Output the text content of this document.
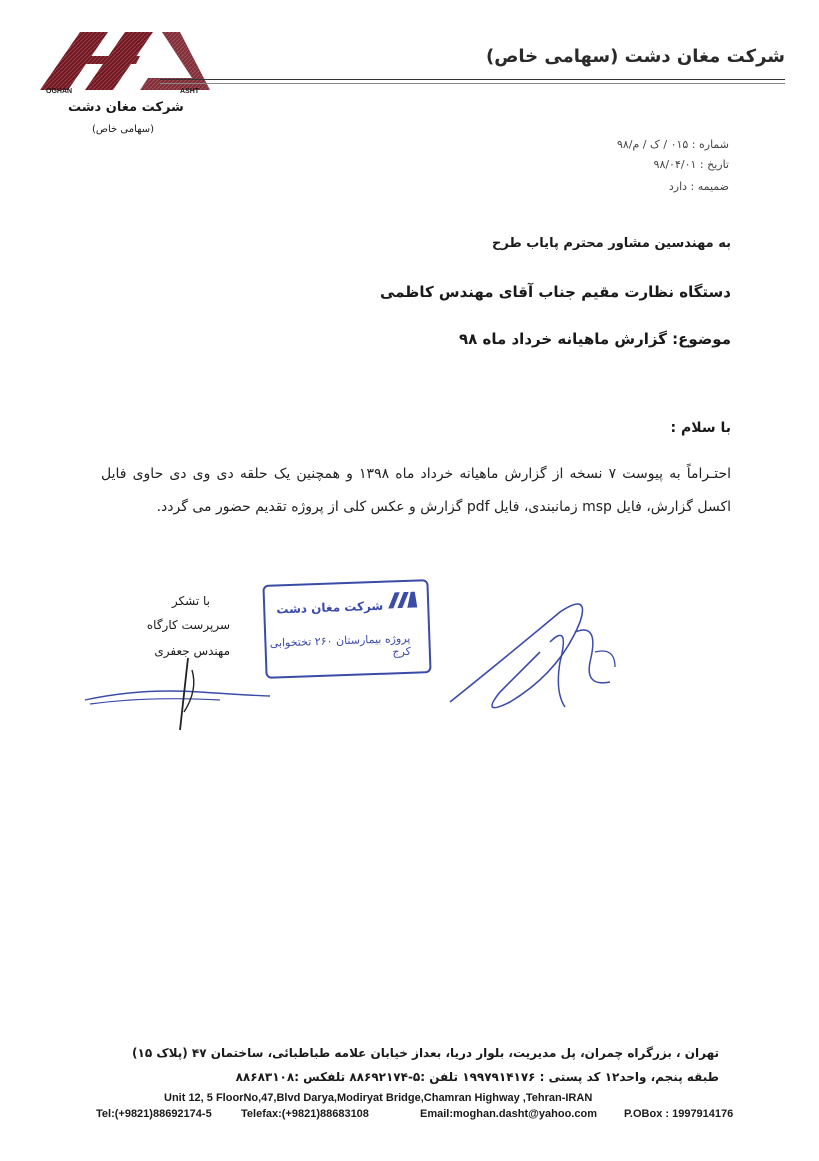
OGHAN	ASHT
شرکت مغان دشت
(سهامی خاص)
شرکت مغان دشت (سهامی خاص)
شماره : ۰۱۵ / ک / م/۹۸
تاریخ : ۹۸/۰۴/۰۱
ضمیمه : دارد
به مهندسین مشاور محترم پایاب طرح
دستگاه نظارت مقیم جناب آقای مهندس کاظمی
موضوع: گزارش ماهیانه خرداد ماه ۹۸
با سلام :
احتـراماً به پیوست ۷ نسخه از گزارش ماهیانه خرداد ماه ۱۳۹۸ و همچنین یک حلقه دی وی دی حاوی فایل اکسل گزارش، فایل msp زمانبندی، فایل pdf گزارش و عکس کلی از پروژه تقدیم حضور می گردد.
با تشکر
سرپرست کارگاه
مهندس جعفری
شرکت مغان دشت
پروژه بیمارستان ۲۶۰ تختخوابی کرج
تهران ، بزرگراه چمران، پل مدیریت، بلوار دریا، بعداز خیابان علامه طباطبائی، ساختمان ۴۷ (پلاک ۱۵)
طبقه پنجم، واحد۱۲ کد پستی : ۱۹۹۷۹۱۴۱۷۶ تلفن :۵-۸۸۶۹۲۱۷۴ تلفکس :۸۸۶۸۳۱۰۸
Unit 12, 5 FloorNo,47,Blvd Darya,Modiryat Bridge,Chamran Highway ,Tehran-IRAN
Tel:(+9821)88692174-5	Telefax:(+9821)88683108	Email:moghan.dasht@yahoo.com P.OBox : 1997914176
